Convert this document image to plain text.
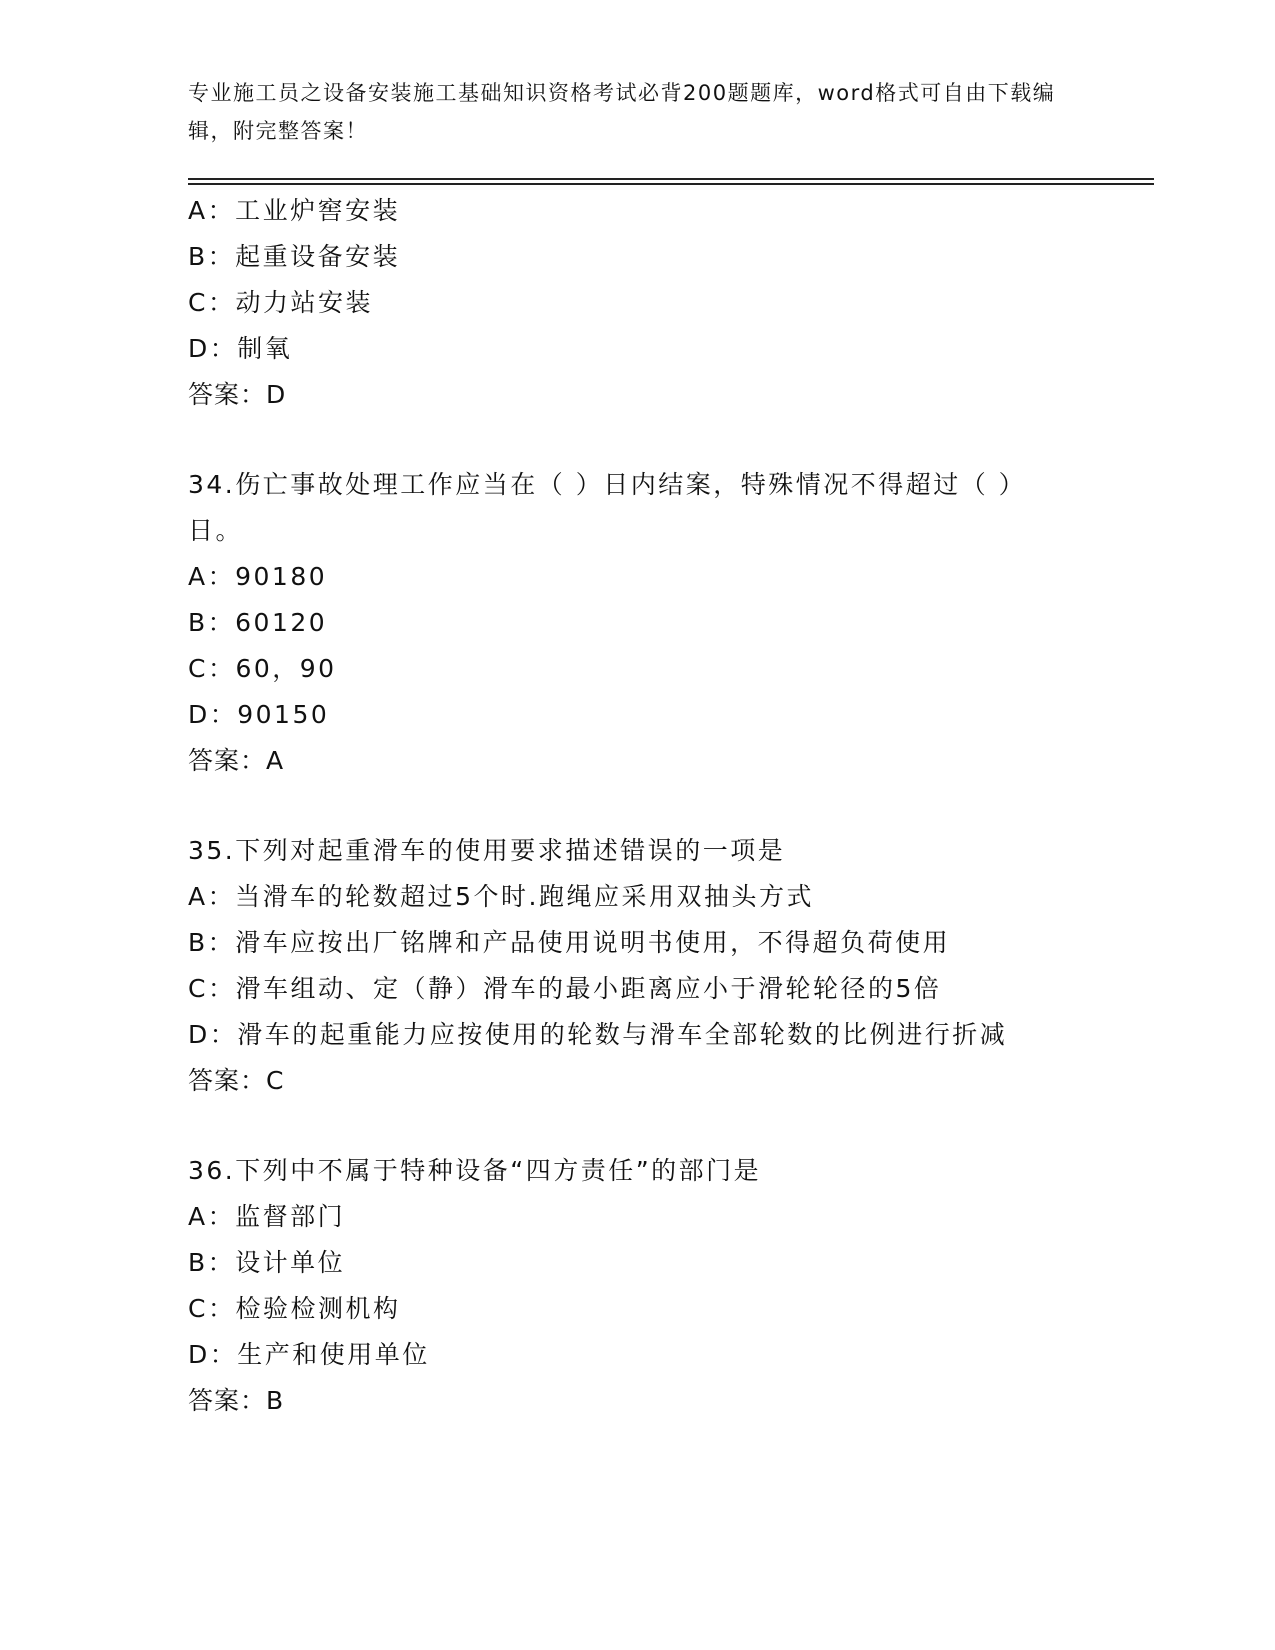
专业施工员之设备安装施工基础知识资格考试必背200题题库，word格式可自由下载编辑，附完整答案！
A：工业炉窖安装
B：起重设备安装
C：动力站安装
D：制氧
答案：D
34.伤亡事故处理工作应当在（ ）日内结案，特殊情况不得超过（ ）日。
A：90180
B：60120
C：60，90
D：90150
答案：A
35.下列对起重滑车的使用要求描述错误的一项是
A：当滑车的轮数超过5个时.跑绳应采用双抽头方式
B：滑车应按出厂铭牌和产品使用说明书使用，不得超负荷使用
C：滑车组动、定（静）滑车的最小距离应小于滑轮轮径的5倍
D：滑车的起重能力应按使用的轮数与滑车全部轮数的比例进行折减
答案：C
36.下列中不属于特种设备“四方责任”的部门是
A：监督部门
B：设计单位
C：检验检测机构
D：生产和使用单位
答案：B
